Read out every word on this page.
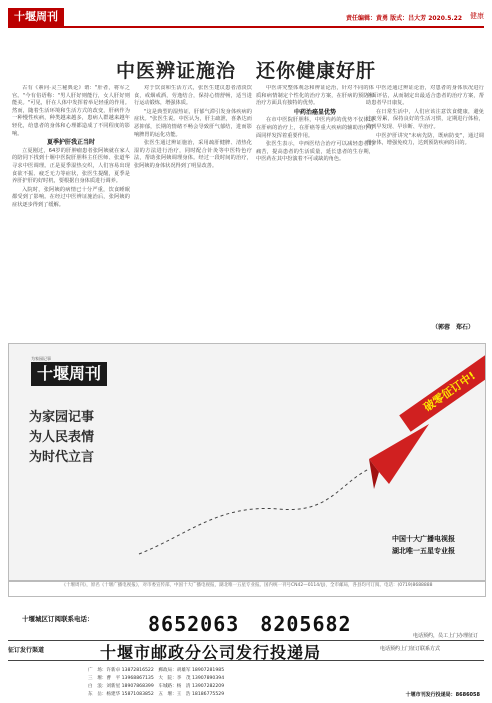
十堰周刊	责任编辑：黄勇 版式：吕大芳 2020.5.22 健康
中医辨证施治　还你健康好肝

古有《素问·灵兰秘典论》谓："肝者，将军之官。"今有俗语称："男人肝好则能行，女人肝好则能美。"可见，肝在人体中发挥着举足轻重的作用。然而，随着生活环境和生活方式的改变，肝病作为一种慢性疾病，种类越来越多，患病人群越来越年轻化，给患者的身体和心理都造成了不同程度的影响。

夏季护肝我正当时

立夏刚过，64岁的肝肿瘤患者张阿姨就在家人的陪同下找到十堰中医院肝胆科主任医师、张道华寻求中医调理。正是夏季湿热交织，人们容易出现食欲不振、疲乏无力等症状，张医生提醒，夏季是养肝护肝的好时机，要根据自身体质进行调养。

入院时，张阿姨的病情已十分严重，饮食睡眠都受到了影响。在经过中医辨证施治后，张阿姨的症状逐步得到了缓解。

对于饮食和生活方式，张医生建议患者清淡饮食，戒烟戒酒，劳逸结合，保持心情舒畅，适当进行运动锻炼，增强体质。

"这是典型的湿热证，肝郁气滞引发身体疾病的症状。"张医生说。中医认为，肝主疏泄，喜条达而恶抑郁，长期的情绪不畅会导致肝气郁结，进而影响脾胃的运化功能。

张医生通过辨证施治，采用疏肝健脾、清热化湿的方法进行治疗，同时配合针灸等中医特色疗法，帮助张阿姨调理身体。经过一段时间的治疗，张阿姨的身体状况得到了明显改善。

中医讲究整体观念和辨证论治，针对不同的体质和病情制定个性化的治疗方案，在肝病的预防和治疗方面具有独特的优势。

中药治癌显优势

在市中医院肝胆科，中医内药的优势不仅体现在肝病的治疗上，在肝癌等重大疾病的辅助治疗方面同样发挥着重要作用。

张医生表示，中西医结合治疗可以减轻患者的痛苦，提高患者的生活质量，延长患者的生存期，中医药在其中扮演着不可或缺的角色。

中医还通过辨证论治，对患者的身体状况进行全面评估，从而制定出最适合患者的治疗方案，帮助患者早日康复。

在日常生活中，人们应该注意饮食健康，避免过度劳累，保持良好的生活习惯，定期进行体检，做到早发现、早诊断、早治疗。

中医护肝讲究"未病先防，既病防变"，通过调理身体，增强免疫力，达到预防疾病的目的。

（郭蓉　郑石）
为家园记事
十堰周刊
为家园记事
为人民表情
为时代立言
破零征订中!
中国十大广播电视报
湖北唯一五星专业报
《十堰周刊》，原名《十堰广播电视报》，对市委宣传部，中国十大广播电视报，湖北唯一五星专业报。国内统一刊号CN42—0114/(J)，全市邮局，各县均可订阅。电话：(0719)8688888
十堰城区订阅联系电话：	8652063　8205682	电话预约，员工上门办理征订
征订发行渠道	十堰市邮政分公司发行投递局	电话预约上门征订联系方式
广　场：许新卓 13872816522　郵政局：胡雄军 18907281985
三　堰：曹　平 13968867135　大　院：李　茂 13907890394
白　浪：刘新星 18907868399　车城路：杨　清 13907282209
东　岳：杨建华 15871083852　五　堰：王　浩 18186775529	十堰市刊发行投递局：8686058
